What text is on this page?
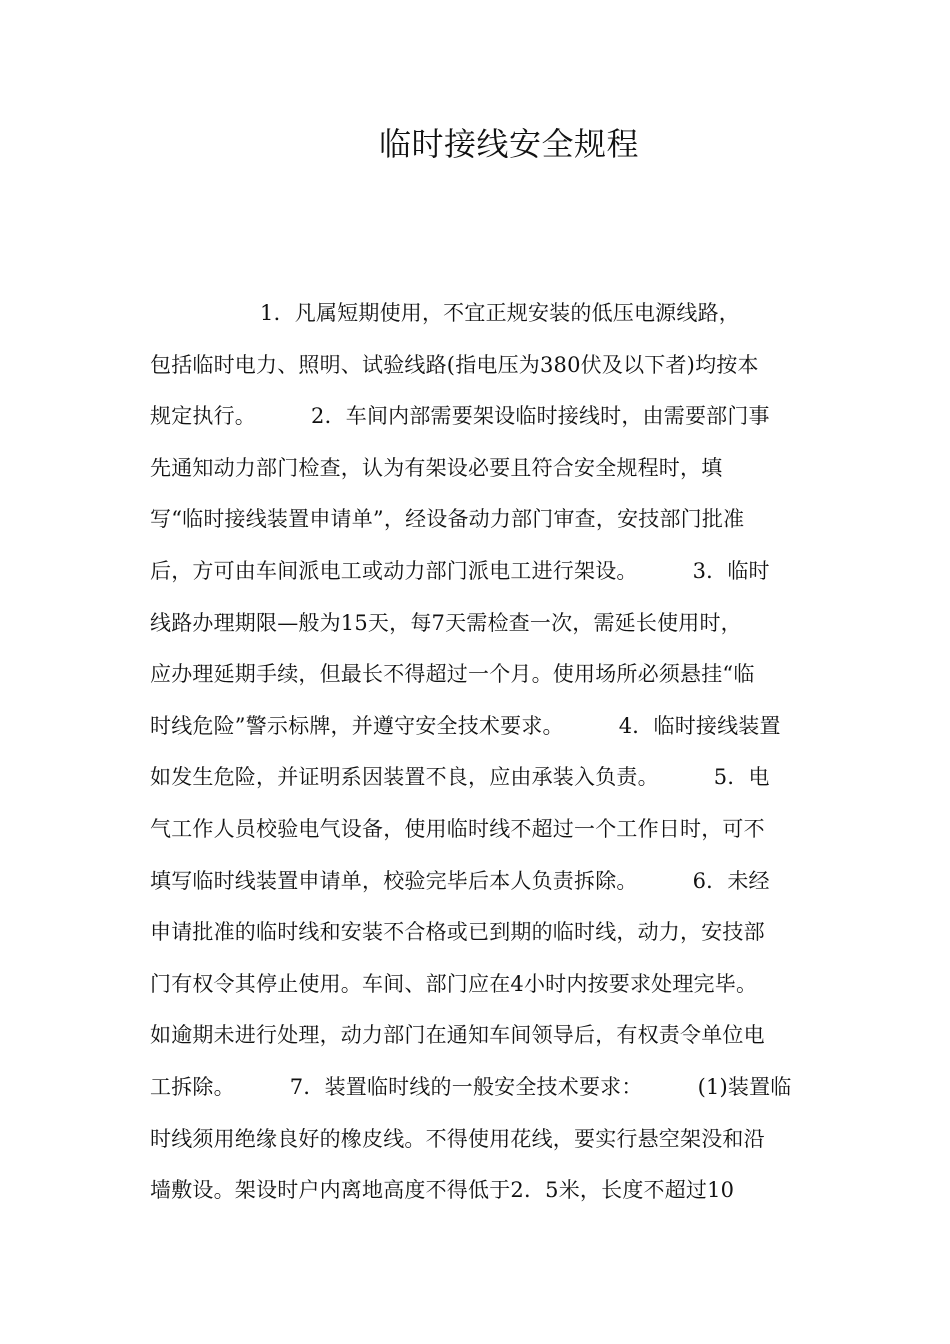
临时接线安全规程
1．凡属短期使用，不宜正规安装的低压电源线路，
包括临时电力、照明、试验线路(指电压为380伏及以下者)均按本
规定执行。        2．车间内部需要架设临时接线时，由需要部门事
先通知动力部门检查，认为有架设必要且符合安全规程时，填
写“临时接线装置申请单”，经设备动力部门审查，安技部门批准
后，方可由车间派电工或动力部门派电工进行架设。        3．临时
线路办理期限—般为15天，每7天需检查一次，需延长使用时，
应办理延期手续，但最长不得超过一个月。使用场所必须悬挂“临
时线危险”警示标牌，并遵守安全技术要求。        4．临时接线装置
如发生危险，并证明系因装置不良，应由承装入负责。        5．电
气工作人员校验电气设备，使用临时线不超过一个工作日时，可不
填写临时线装置申请单，校验完毕后本人负责拆除。        6．未经
申请批准的临时线和安装不合格或已到期的临时线，动力，安技部
门有权令其停止使用。车间、部门应在4小时内按要求处理完毕。
如逾期未进行处理，动力部门在通知车间领导后，有权责令单位电
工拆除。        7．装置临时线的一般安全技术要求：        (1)装置临
时线须用绝缘良好的橡皮线。不得使用花线，要实行悬空架没和沿
墙敷设。架设时户内离地高度不得低于2．5米，长度不超过10
